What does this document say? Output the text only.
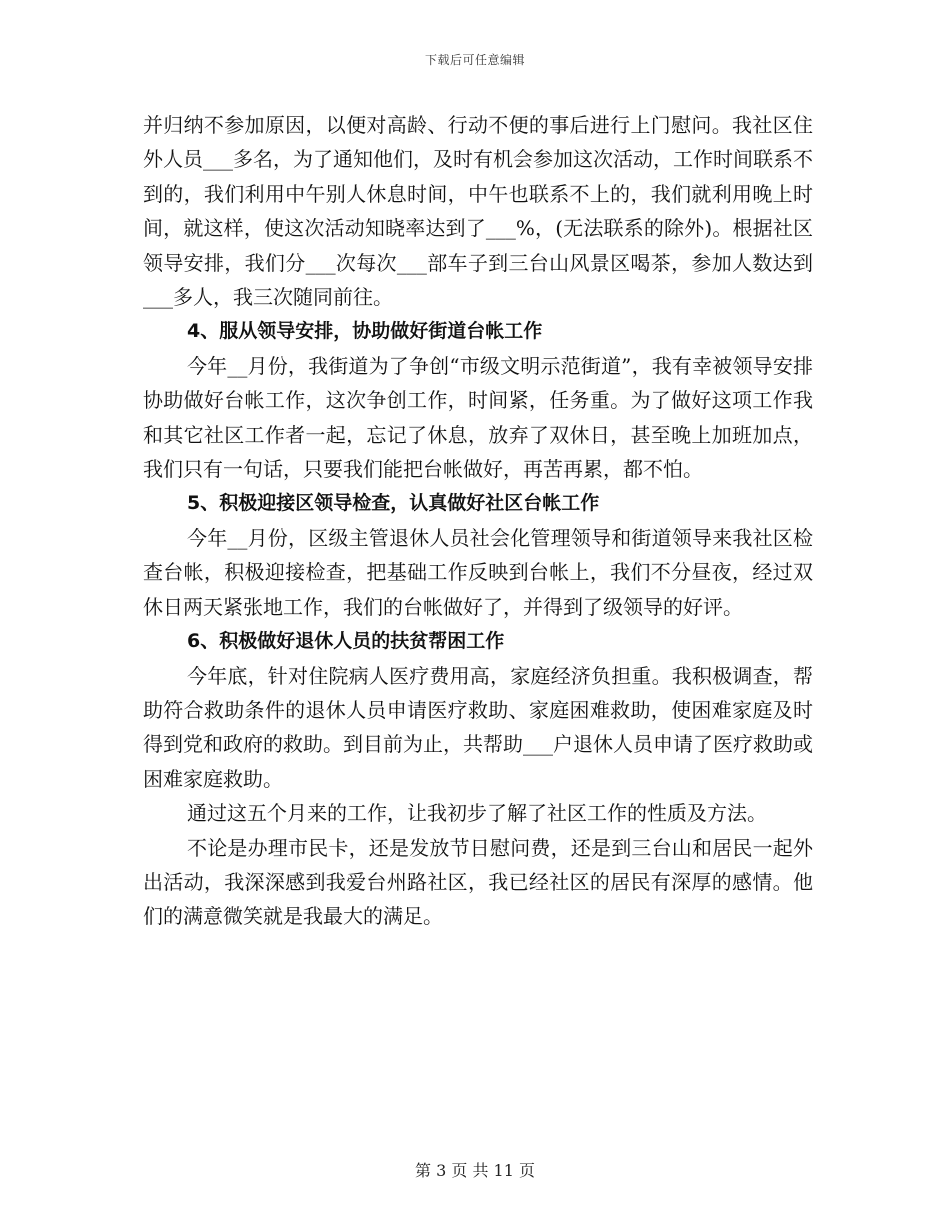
下载后可任意编辑

并归纳不参加原因，以便对高龄、行动不便的事后进行上门慰问。我社区住外人员___多名，为了通知他们，及时有机会参加这次活动，工作时间联系不到的，我们利用中午别人休息时间，中午也联系不上的，我们就利用晚上时间，就这样，使这次活动知晓率达到了___%，(无法联系的除外)。根据社区领导安排，我们分___次每次___部车子到三台山风景区喝茶，参加人数达到___多人，我三次随同前往。

4、服从领导安排，协助做好街道台帐工作

今年__月份，我街道为了争创“市级文明示范街道”，我有幸被领导安排协助做好台帐工作，这次争创工作，时间紧，任务重。为了做好这项工作我和其它社区工作者一起，忘记了休息，放弃了双休日，甚至晚上加班加点，我们只有一句话，只要我们能把台帐做好，再苦再累，都不怕。

5、积极迎接区领导检查，认真做好社区台帐工作

今年__月份，区级主管退休人员社会化管理领导和街道领导来我社区检查台帐，积极迎接检查，把基础工作反映到台帐上，我们不分昼夜，经过双休日两天紧张地工作，我们的台帐做好了，并得到了级领导的好评。

6、积极做好退休人员的扶贫帮困工作

今年底，针对住院病人医疗费用高，家庭经济负担重。我积极调查，帮助符合救助条件的退休人员申请医疗救助、家庭困难救助，使困难家庭及时得到党和政府的救助。到目前为止，共帮助___户退休人员申请了医疗救助或困难家庭救助。

通过这五个月来的工作，让我初步了解了社区工作的性质及方法。

不论是办理市民卡，还是发放节日慰问费，还是到三台山和居民一起外出活动，我深深感到我爱台州路社区，我已经社区的居民有深厚的感情。他们的满意微笑就是我最大的满足。

第 3 页 共 11 页
